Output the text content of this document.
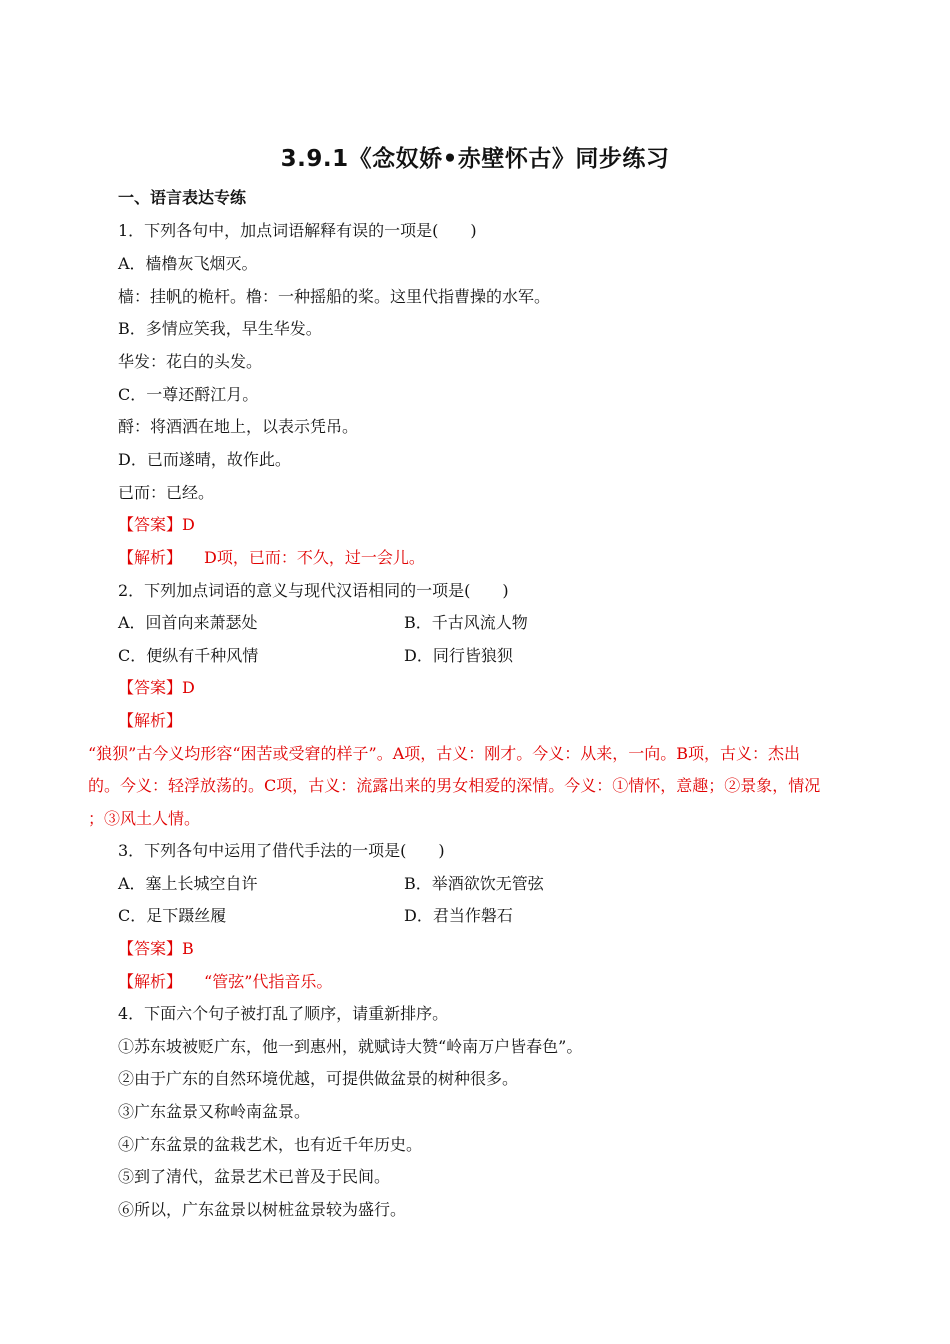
3.9.1《念奴娇•赤壁怀古》同步练习
一、语言表达专练
1．下列各句中，加点词语解释有误的一项是(　　)
A．樯橹灰飞烟灭。
樯：挂帆的桅杆。橹：一种摇船的桨。这里代指曹操的水军。
B．多情应笑我，早生华发。
华发：花白的头发。
C．一尊还酹江月。
酹：将酒洒在地上，以表示凭吊。
D．已而遂晴，故作此。
已而：已经。
【答案】D
【解析】 D项，已而：不久，过一会儿。
2．下列加点词语的意义与现代汉语相同的一项是(　　)
A．回首向来萧瑟处	B．千古风流人物
C．便纵有千种风情	D．同行皆狼狈
【答案】D
【解析】
“狼狈”古今义均形容“困苦或受窘的样子”。A项，古义：刚才。今义：从来，一向。B项，古义：杰出
的。今义：轻浮放荡的。C项，古义：流露出来的男女相爱的深情。今义：①情怀，意趣；②景象，情况
；③风土人情。
3．下列各句中运用了借代手法的一项是(　　)
A．塞上长城空自许	B．举酒欲饮无管弦
C．足下蹑丝履	D．君当作磐石
【答案】B
【解析】 “管弦”代指音乐。
4．下面六个句子被打乱了顺序，请重新排序。
①苏东坡被贬广东，他一到惠州，就赋诗大赞“岭南万户皆春色”。
②由于广东的自然环境优越，可提供做盆景的树种很多。
③广东盆景又称岭南盆景。
④广东盆景的盆栽艺术，也有近千年历史。
⑤到了清代，盆景艺术已普及于民间。
⑥所以，广东盆景以树桩盆景较为盛行。
